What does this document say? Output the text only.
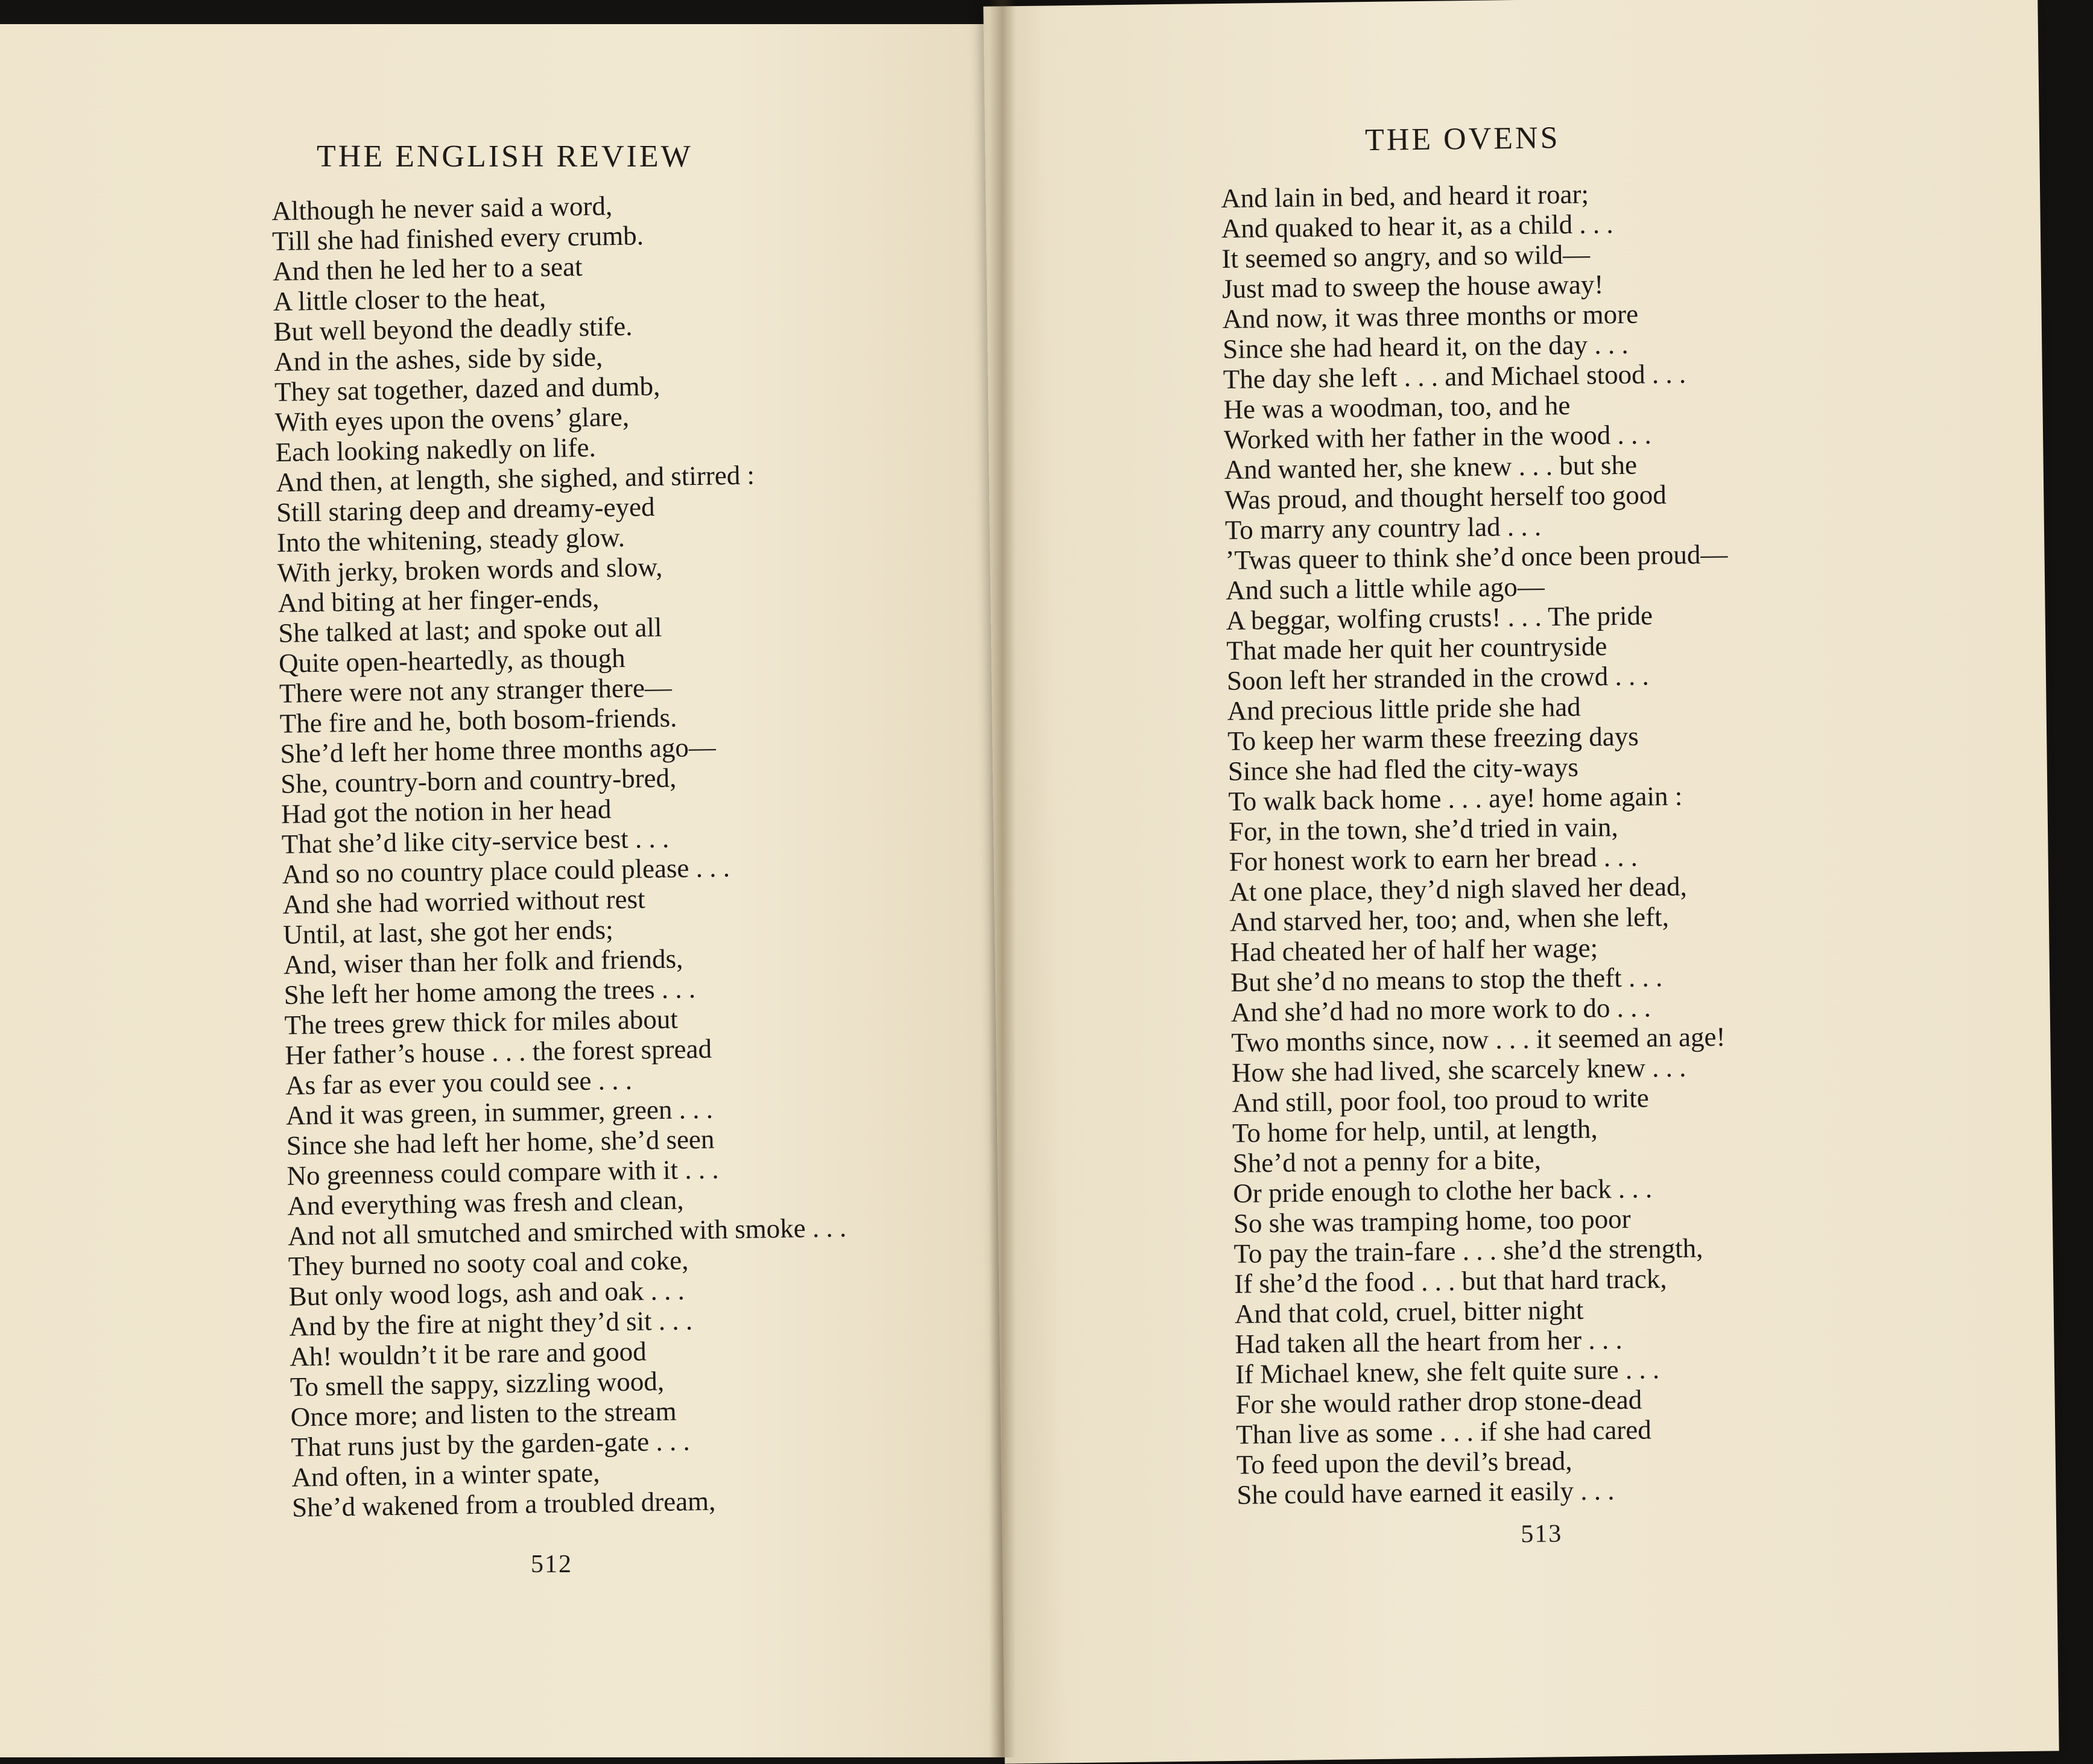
THE ENGLISH REVIEW
Although he never said a word,
Till she had finished every crumb.
And then he led her to a seat
A little closer to the heat,
But well beyond the deadly stife.
And in the ashes, side by side,
They sat together, dazed and dumb,
With eyes upon the ovens’ glare,
Each looking nakedly on life.
And then, at length, she sighed, and stirred :
Still staring deep and dreamy-eyed
Into the whitening, steady glow.
With jerky, broken words and slow,
And biting at her finger-ends,
She talked at last; and spoke out all
Quite open-heartedly, as though
There were not any stranger there—
The fire and he, both bosom-friends.
She’d left her home three months ago—
She, country-born and country-bred,
Had got the notion in her head
That she’d like city-service best . . .
And so no country place could please . . .
And she had worried without rest
Until, at last, she got her ends;
And, wiser than her folk and friends,
She left her home among the trees . . .
The trees grew thick for miles about
Her father’s house . . . the forest spread
As far as ever you could see . . .
And it was green, in summer, green . . .
Since she had left her home, she’d seen
No greenness could compare with it . . .
And everything was fresh and clean,
And not all smutched and smirched with smoke . . .
They burned no sooty coal and coke,
But only wood logs, ash and oak . . .
And by the fire at night they’d sit . . .
Ah! wouldn’t it be rare and good
To smell the sappy, sizzling wood,
Once more; and listen to the stream
That runs just by the garden-gate . . .
And often, in a winter spate,
She’d wakened from a troubled dream,
512
THE OVENS
And lain in bed, and heard it roar;
And quaked to hear it, as a child . . .
It seemed so angry, and so wild—
Just mad to sweep the house away!
And now, it was three months or more
Since she had heard it, on the day . . .
The day she left . . . and Michael stood . . .
He was a woodman, too, and he
Worked with her father in the wood . . .
And wanted her, she knew . . . but she
Was proud, and thought herself too good
To marry any country lad . . .
’Twas queer to think she’d once been proud—
And such a little while ago—
A beggar, wolfing crusts! . . . The pride
That made her quit her countryside
Soon left her stranded in the crowd . . .
And precious little pride she had
To keep her warm these freezing days
Since she had fled the city-ways
To walk back home . . . aye! home again :
For, in the town, she’d tried in vain,
For honest work to earn her bread . . .
At one place, they’d nigh slaved her dead,
And starved her, too; and, when she left,
Had cheated her of half her wage;
But she’d no means to stop the theft . . .
And she’d had no more work to do . . .
Two months since, now . . . it seemed an age!
How she had lived, she scarcely knew . . .
And still, poor fool, too proud to write
To home for help, until, at length,
She’d not a penny for a bite,
Or pride enough to clothe her back . . .
So she was tramping home, too poor
To pay the train-fare . . . she’d the strength,
If she’d the food . . . but that hard track,
And that cold, cruel, bitter night
Had taken all the heart from her . . .
If Michael knew, she felt quite sure . . .
For she would rather drop stone-dead
Than live as some . . . if she had cared
To feed upon the devil’s bread,
She could have earned it easily . . .
513
